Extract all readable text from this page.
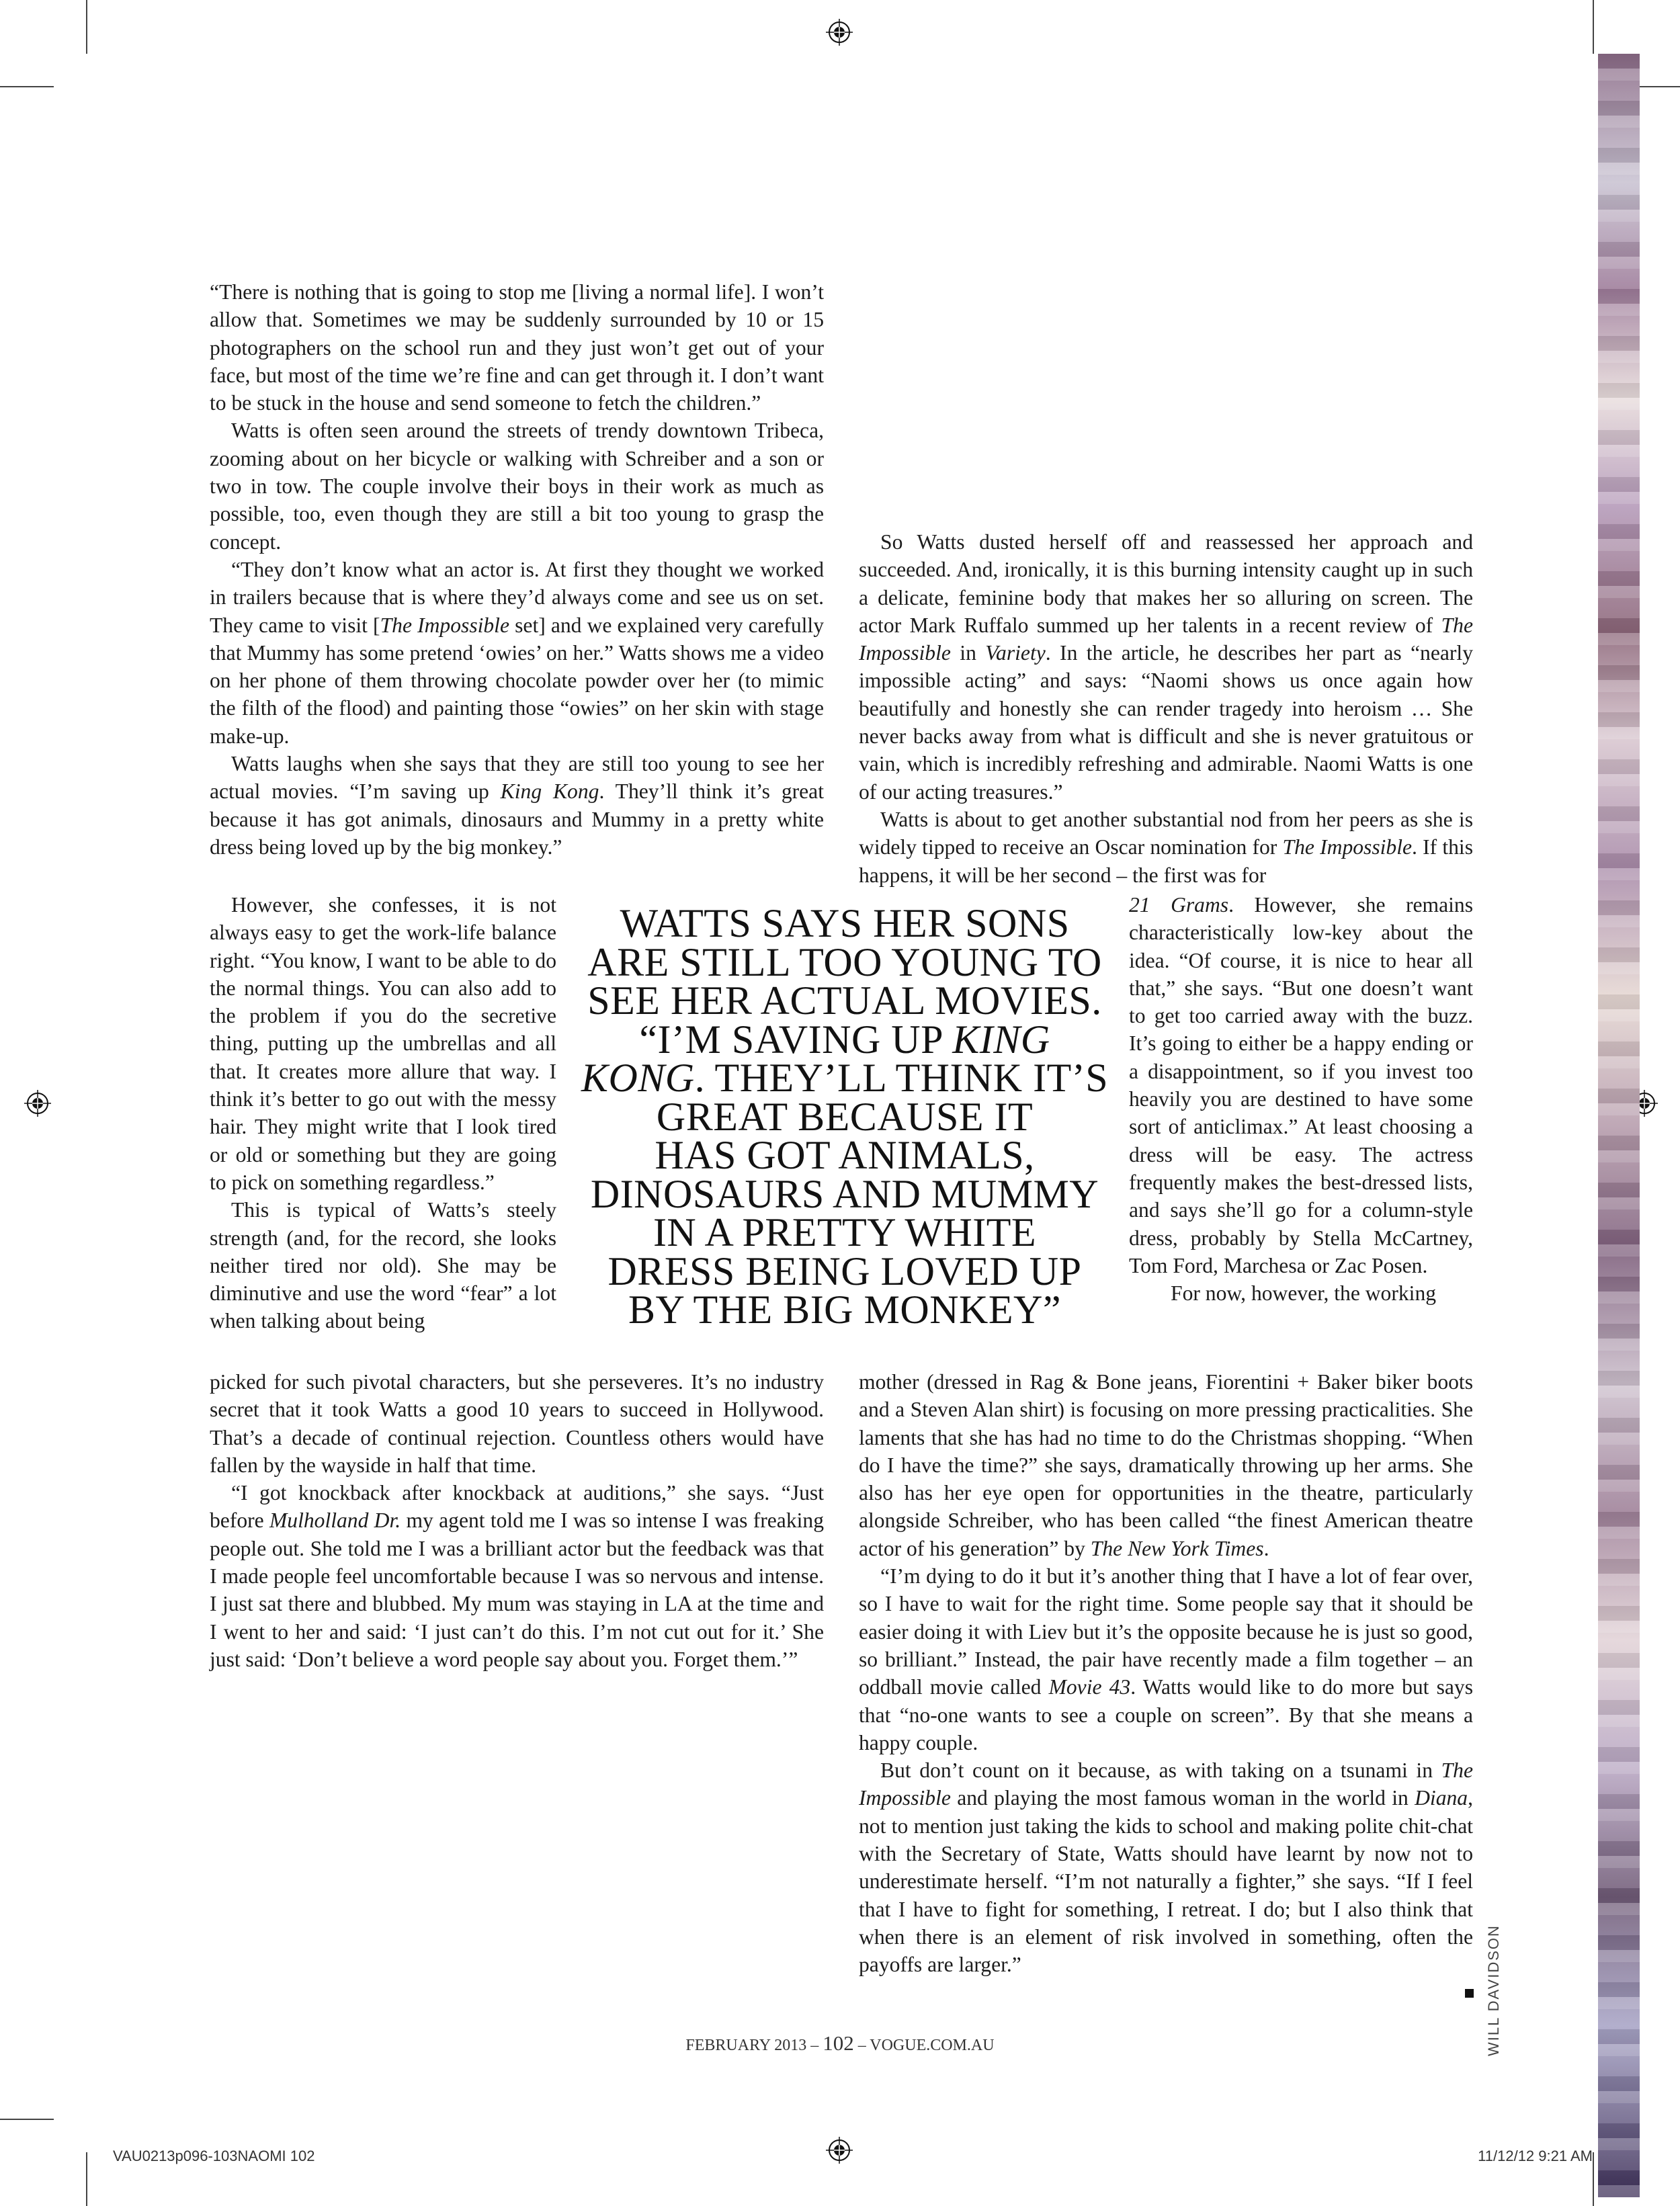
“There is nothing that is going to stop me [living a normal life]. I won’t allow that. Sometimes we may be suddenly surrounded by 10 or 15 photographers on the school run and they just won’t get out of your face, but most of the time we’re fine and can get through it. I don’t want to be stuck in the house and send someone to fetch the children.”

Watts is often seen around the streets of trendy downtown Tribeca, zooming about on her bicycle or walking with Schreiber and a son or two in tow. The couple involve their boys in their work as much as possible, too, even though they are still a bit too young to grasp the concept.

“They don’t know what an actor is. At first they thought we worked in trailers because that is where they’d always come and see us on set. They came to visit [The Impossible set] and we explained very carefully that Mummy has some pretend ‘owies’ on her.” Watts shows me a video on her phone of them throwing chocolate powder over her (to mimic the filth of the flood) and painting those “owies” on her skin with stage make-up.

Watts laughs when she says that they are still too young to see her actual movies. “I’m saving up King Kong. They’ll think it’s great because it has got animals, dinosaurs and Mummy in a pretty white dress being loved up by the big monkey.”

However, she confesses, it is not always easy to get the work-life balance right. “You know, I want to be able to do the normal things. You can also add to the problem if you do the secretive thing, putting up the umbrellas and all that. It creates more allure that way. I think it’s better to go out with the messy hair. They might write that I look tired or old or something but they are going to pick on something regardless.”

This is typical of Watts’s steely strength (and, for the record, she looks neither tired nor old). She may be diminutive and use the word “fear” a lot when talking about being

picked for such pivotal characters, but she perseveres. It’s no industry secret that it took Watts a good 10 years to succeed in Hollywood. That’s a decade of continual rejection. Countless others would have fallen by the wayside in half that time.

“I got knockback after knockback at auditions,” she says. “Just before Mulholland Dr. my agent told me I was so intense I was freaking people out. She told me I was a brilliant actor but the feedback was that I made people feel uncomfortable because I was so nervous and intense. I just sat there and blubbed. My mum was staying in LA at the time and I went to her and said: ‘I just can’t do this. I’m not cut out for it.’ She just said: ‘Don’t believe a word people say about you. Forget them.’”

So Watts dusted herself off and reassessed her approach and succeeded. And, ironically, it is this burning intensity caught up in such a delicate, feminine body that makes her so alluring on screen. The actor Mark Ruffalo summed up her talents in a recent review of The Impossible in Variety. In the article, he describes her part as “nearly impossible acting” and says: “Naomi shows us once again how beautifully and honestly she can render tragedy into heroism … She never backs away from what is difficult and she is never gratuitous or vain, which is incredibly refreshing and admirable. Naomi Watts is one of our acting treasures.”

Watts is about to get another substantial nod from her peers as she is widely tipped to receive an Oscar nomination for The Impossible. If this happens, it will be her second – the first was for

21 Grams. However, she remains characteristically low-key about the idea. “Of course, it is nice to hear all that,” she says. “But one doesn’t want to get too carried away with the buzz. It’s going to either be a happy ending or a disappointment, so if you invest too heavily you are destined to have some sort of anticlimax.” At least choosing a dress will be easy. The actress frequently makes the best-dressed lists, and says she’ll go for a column-style dress, probably by Stella McCartney, Tom Ford, Marchesa or Zac Posen.

For now, however, the working

mother (dressed in Rag & Bone jeans, Fiorentini + Baker biker boots and a Steven Alan shirt) is focusing on more pressing practicalities. She laments that she has had no time to do the Christmas shopping. “When do I have the time?” she says, dramatically throwing up her arms. She also has her eye open for opportunities in the theatre, particularly alongside Schreiber, who has been called “the finest American theatre actor of his generation” by The New York Times.

“I’m dying to do it but it’s another thing that I have a lot of fear over, so I have to wait for the right time. Some people say that it should be easier doing it with Liev but it’s the opposite because he is just so good, so brilliant.” Instead, the pair have recently made a film together – an oddball movie called Movie 43. Watts would like to do more but says that “no-one wants to see a couple on screen”. By that she means a happy couple.

But don’t count on it because, as with taking on a tsunami in The Impossible and playing the most famous woman in the world in Diana, not to mention just taking the kids to school and making polite chit-chat with the Secretary of State, Watts should have learnt by now not to underestimate herself. “I’m not naturally a fighter,” she says. “If I feel that I have to fight for something, I retreat. I do; but I also think that when there is an element of risk involved in something, often the payoffs are larger.”

WATTS SAYS HER SONS
ARE STILL TOO YOUNG TO
SEE HER ACTUAL MOVIES.
“I’M SAVING UP KING
KONG. THEY’LL THINK IT’S
GREAT BECAUSE IT
HAS GOT ANIMALS,
DINOSAURS AND MUMMY
IN A PRETTY WHITE
DRESS BEING LOVED UP
BY THE BIG MONKEY”
FEBRUARY 2013 – 102 – VOGUE.COM.AU	WILL DAVIDSON
VAU0213p096-103NAOMI 102	11/12/12 9:21 AM
